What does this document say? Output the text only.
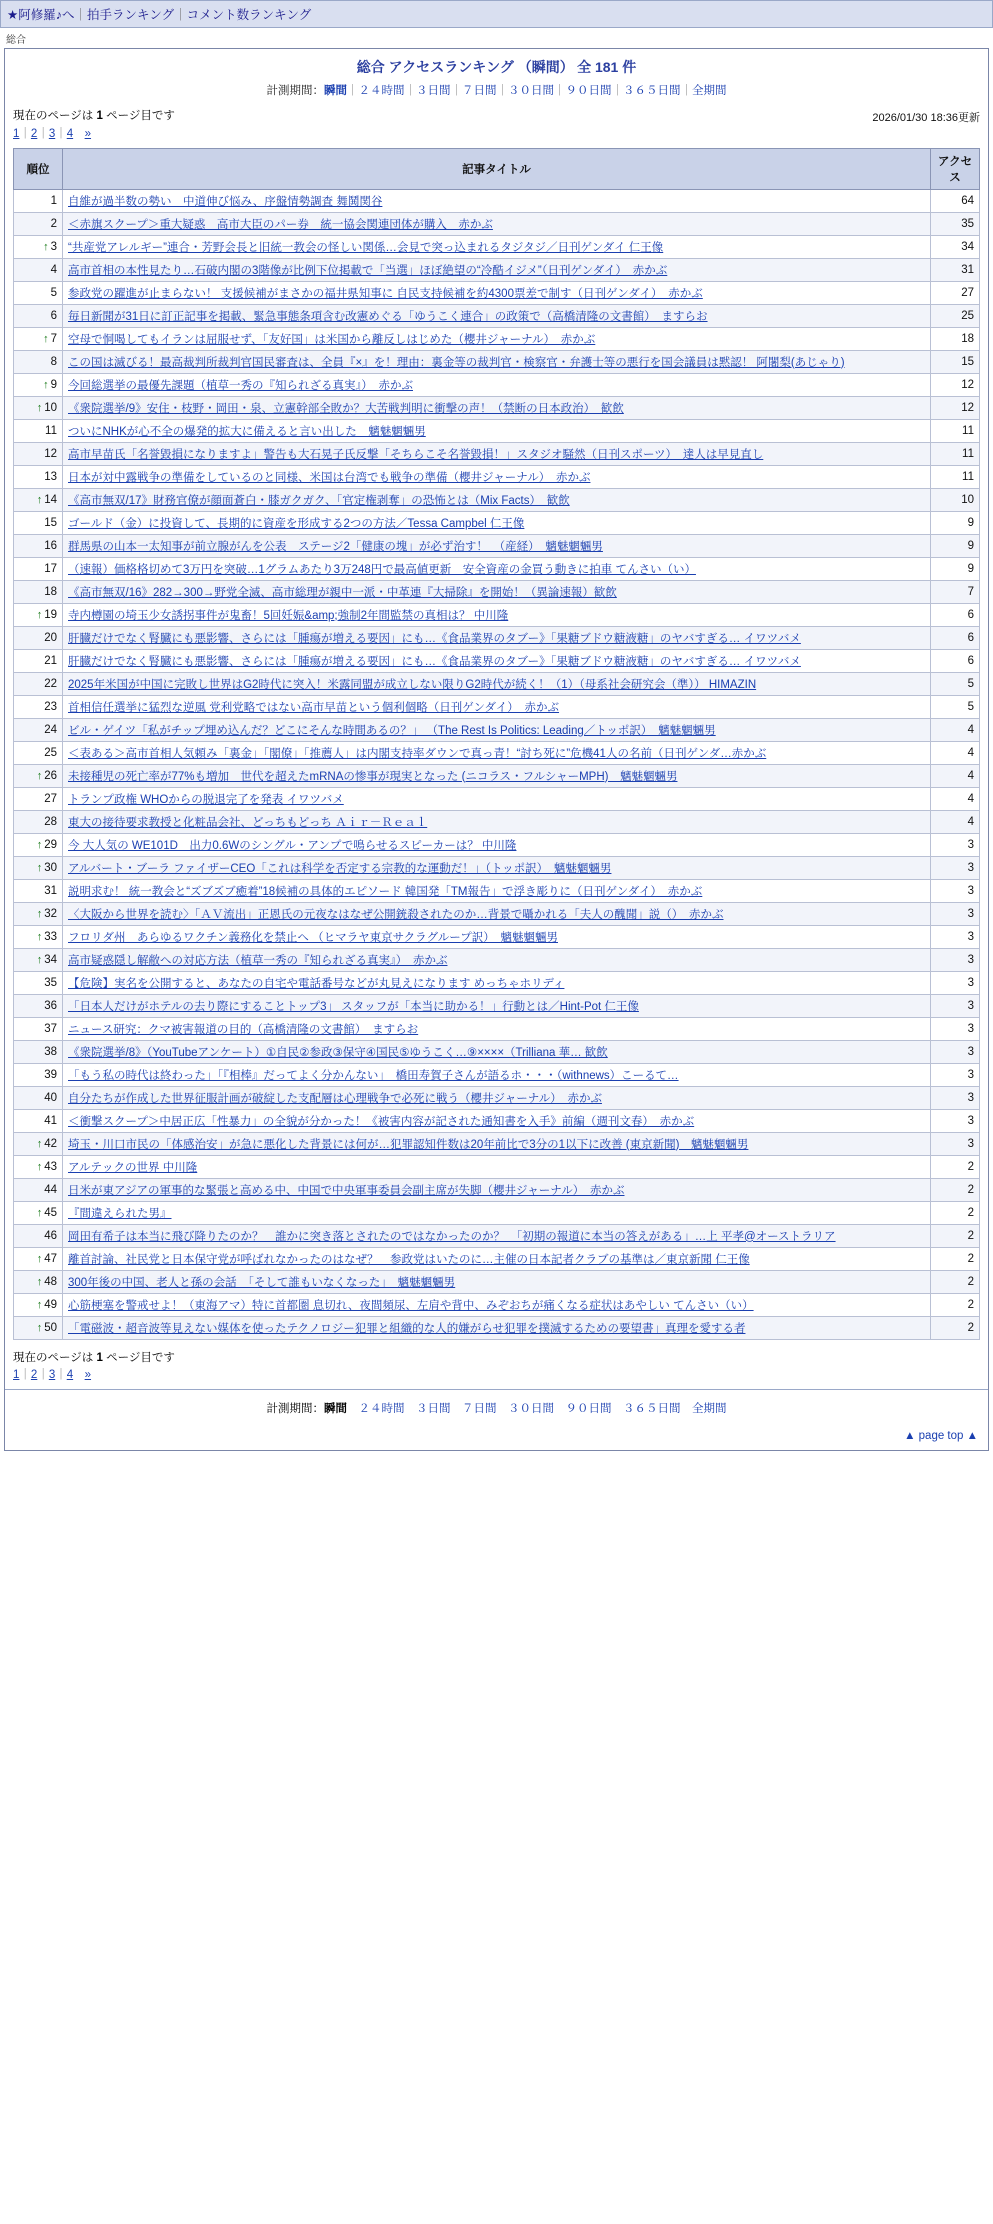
★阿修羅♪へ｜拍手ランキング｜コメント数ランキング
総合
総合 アクセスランキング （瞬間） 全 181 件
計測期間：瞬間｜２４時間｜３日間｜７日間｜３０日間｜９０日間｜３６５日間｜全期間
現在のページは 1 ページ目です
1｜2｜3｜4　 »
2026/01/30 18:36更新
順位	記事タイトル	アクセス
1	自維が過半数の勢い　中道伸び悩み、序盤情勢調査 舞鬨関谷	64
2	＜赤旗スクープ＞重大疑惑　高市大臣のパー券　統一協会関連団体が購入　赤かぶ	35
↑ 3	“共産党アレルギー”連合・芳野会長と旧統一教会の怪しい関係…会見で突っ込まれるタジタジ／日刊ゲンダイ 仁王像	34
4	高市首相の本性見たり…石破内閣の3階像が比例下位掲載で「当選」ほぼ絶望の“冷酷イジメ”（日刊ゲンダイ）　赤かぶ	31
5	参政党の躍進が止まらない！ 支援候補がまさかの福井県知事に 自民支持候補を約4300票差で制す（日刊ゲンダイ）　赤かぶ	27
6	毎日新聞が31日に訂正記事を掲載、緊急事態条項含む改憲めぐる「ゆうこく連合」の政策で（高橋清隆の文書館）　ますらお	25
↑ 7	空母で恫喝してもイランは屈服せず、「友好国」は米国から離反しはじめた（櫻井ジャーナル）　赤かぶ	18
8	この国は滅びる！最高裁判所裁判官国民審査は、全員『×』を！理由：裏金等の裁判官・検察官・弁護士等の悪行を国会議員は黙認！ 阿闍梨(あじゃり)	15
↑ 9	今回総選挙の最優先課題（植草一秀の『知られざる真実』）　赤かぶ	12
↑ 10	《衆院選挙/9》安住・枝野・岡田・泉、立憲幹部全敗か？大苦戦判明に衝撃の声！（禁断の日本政治）　歓飲	12
11	ついにNHKが心不全の爆発的拡大に備えると言い出した　魑魅魍魎男	11
12	高市早苗氏「名誉毀損になりますよ」警告も大石晃子氏反撃「そちらこそ名誉毀損！」スタジオ騒然（日刊スポーツ）　達人は早見直し	11
13	日本が対中露戦争の準備をしているのと同様、米国は台湾でも戦争の準備（櫻井ジャーナル）　赤かぶ	11
↑ 14	《高市無双/17》財務官僚が顔面蒼白・膝ガクガク、「官定権剥奪」の恐怖とは（Mix Facts）　歓飲	10
15	ゴールド（金）に投資して、長期的に資産を形成する2つの方法／Tessa Campbel 仁王像	9
16	群馬県の山本一太知事が前立腺がんを公表　ステージ2「健康の塊」が必ず治す！　（産経）　魑魅魍魎男	9
17	（速報）価格格切めて3万円を突破…1グラムあたり3万248円で最高値更新　安全資産の金買う動きに拍車 てんさい（い）	9
18	《高市無双/16》282→300→野党全滅、高市総理が親中一派・中革連『大掃除』を開始！（異論速報）歓飲	7
↑ 19	寺内樽園の埼玉少女誘拐事件が鬼畜！5回妊娠&amp;強制2年間監禁の真相は？ 中川隆	6
20	肝臓だけでなく腎臓にも悪影響、さらには「腫瘍が増える要因」にも…《食品業界のタブー》「果糖ブドウ糖液糖」のヤバすぎる… イワツバメ	6
21	肝臓だけでなく腎臓にも悪影響、さらには「腫瘍が増える要因」にも…《食品業界のタブー》「果糖ブドウ糖液糖」のヤバすぎる… イワツバメ	6
22	2025年米国が中国に完敗し世界はG2時代に突入！米露同盟が成立しない限りG2時代が続く！（1）（母系社会研究会（準）） HIMAZIN	5
23	首相信任選挙に猛烈な逆風 党利党略ではない高市早苗という個利個略（日刊ゲンダイ）　赤かぶ	5
24	ビル・ゲイツ「私がチップ埋め込んだ？どこにそんな時間あるの？」 （The Rest Is Politics: Leading／トッポ訳）　魑魅魍魎男	4
25	＜表ある＞高市首相人気頼み「裏金」「閣僚」「推薦人」は内閣支持率ダウンで真っ青！“討ち死に”危機41人の名前（日刊ゲンダ…赤かぶ	4
↑ 26	未接種児の死亡率が77%も増加　世代を超えたmRNAの惨事が現実となった (ニコラス・フルシャーMPH)　魑魅魍魎男	4
27	トランプ政権 WHOからの脱退完了を発表 イワツバメ	4
28	東大の接待要求教授と化粧品会社、どっちもどっち Ａｉｒ－Ｒｅａｌ	4
↑ 29	今 大人気の WE101D　出力0.6Wのシングル・アンプで鳴らせるスピーカーは？ 中川隆	3
↑ 30	アルバート・ブーラ ファイザーCEO「これは科学を否定する宗教的な運動だ！」（トッポ訳）　魑魅魍魎男	3
31	説明求む！ 統一教会と“ズブズブ癒着”18候補の具体的エピソード 韓国発「TM報告」で浮き彫りに（日刊ゲンダイ）　赤かぶ	3
↑ 32	〈大阪から世界を読む〉「ＡＶ流出」正恩氏の元夜なはなぜ公開銃殺されたのか…背景で囁かれる「夫人の醜聞」説（）　赤かぶ	3
↑ 33	フロリダ州　あらゆるワクチン義務化を禁止へ （ヒマラヤ東京サクラグループ訳）　魑魅魍魎男	3
↑ 34	高市疑惑隠し解敝への対応方法（植草一秀の『知られざる真実』）　赤かぶ	3
35	【危険】実名を公開すると、あなたの自宅や電話番号などが丸見えになります めっちゃホリディ	3
36	「日本人だけがホテルの去り際にすることトップ3」 スタッフが「本当に助かる！」行動とは／Hint-Pot 仁王像	3
37	ニュース研究：クマ被害報道の目的（高橋清隆の文書館）　ますらお	3
38	《衆院選挙/8》（YouTubeアンケート）①自民②参政③保守④国民⑤ゆうこく…⑨××××（Trilliana 華… 歓飲	3
39	「もう私の時代は終わった」「『相棒』だってよく分かんない」　橋田寿賀子さんが語るホ・・・（withnews）こーるて…	3
40	自分たちが作成した世界征服計画が破綻した支配層は心理戦争で必死に戦う（櫻井ジャーナル）　赤かぶ	3
41	＜衝撃スクープ＞中居正広「性暴力」の全貌が分かった！《被害内容が記された通知書を入手》前編（週刊文春）　赤かぶ	3
↑ 42	埼玉・川口市民の「体感治安」が急に悪化した背景には何が…犯罪認知件数は20年前比で3分の1以下に改善 (東京新聞)　魑魅魍魎男	3
↑ 43	アルテックの世界 中川隆	2
44	日米が東アジアの軍事的な緊張と高める中、中国で中央軍事委員会副主席が失脚（櫻井ジャーナル）　赤かぶ	2
↑ 45	『間違えられた男』	2
46	岡田有希子は本当に飛び降りたのか？　誰かに突き落とされたのではなかったのか？　「初期の報道に本当の答えがある」…上 平孝@オーストラリア	2
↑ 47	離首討論、社民党と日本保守党が呼ばれなかったのはなぜ？　参政党はいたのに…主催の日本記者クラブの基準は／東京新聞 仁王像	2
↑ 48	300年後の中国、老人と孫の会話　「そして誰もいなくなった」　魑魅魍魎男	2
↑ 49	心筋梗塞を警戒せよ！（東海アマ）特に首都圏 息切れ、夜間頻尿、左肩や背中、みぞおちが痛くなる症状はあやしい てんさい（い）	2
↑ 50	「電磁波・超音波等見えない媒体を使ったテクノロジー犯罪と組織的な人的嫌がらせ犯罪を撲滅するための要望書」真理を愛する者	2
現在のページは 1 ページ目です
1｜2｜3｜4　 »
計測期間：瞬間　 ２４時間　 ３日間　 ７日間　 ３０日間　 ９０日間　 ３６５日間　 全期間
▲ page top ▲
